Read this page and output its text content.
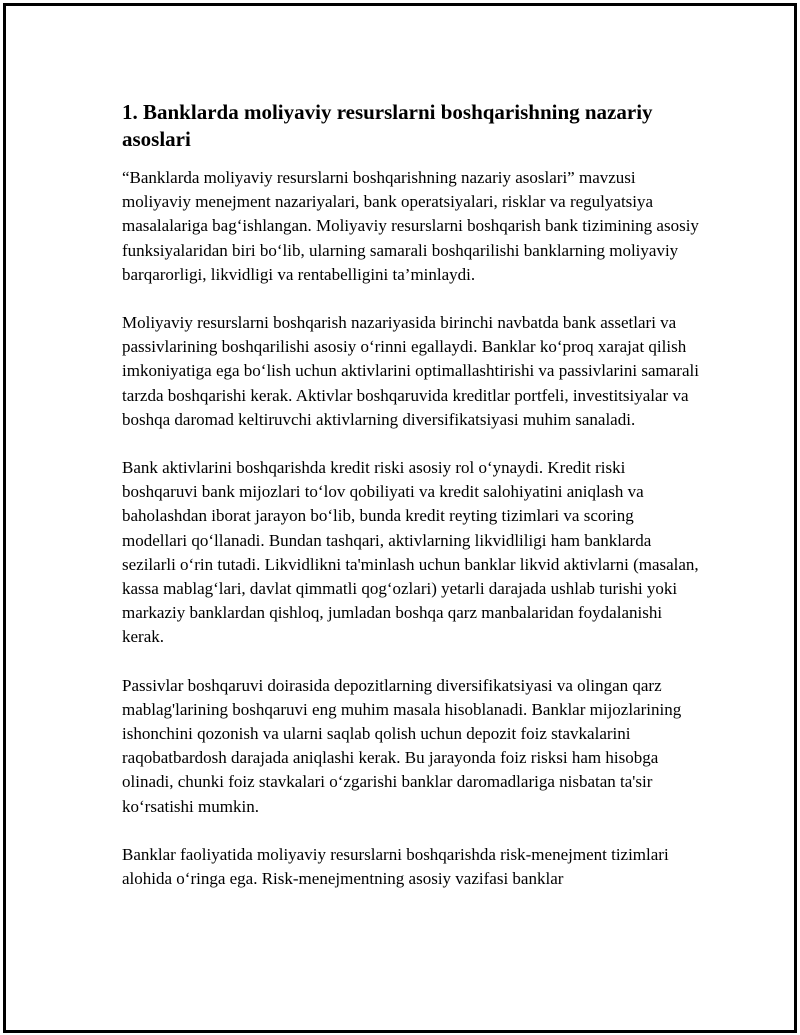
1. Banklarda moliyaviy resurslarni boshqarishning nazariy asoslari

“Banklarda moliyaviy resurslarni boshqarishning nazariy asoslari” mavzusi moliyaviy menejment nazariyalari, bank operatsiyalari, risklar va regulyatsiya masalalariga bag‘ishlangan. Moliyaviy resurslarni boshqarish bank tizimining asosiy funksiyalaridan biri bo‘lib, ularning samarali boshqarilishi banklarning moliyaviy barqarorligi, likvidligi va rentabelligini ta’minlaydi.

Moliyaviy resurslarni boshqarish nazariyasida birinchi navbatda bank assetlari va passivlarining boshqarilishi asosiy o‘rinni egallaydi. Banklar ko‘proq xarajat qilish imkoniyatiga ega bo‘lish uchun aktivlarini optimallashtirishi va passivlarini samarali tarzda boshqarishi kerak. Aktivlar boshqaruvida kreditlar portfeli, investitsiyalar va boshqa daromad keltiruvchi aktivlarning diversifikatsiyasi muhim sanaladi.

Bank aktivlarini boshqarishda kredit riski asosiy rol o‘ynaydi. Kredit riski boshqaruvi bank mijozlari to‘lov qobiliyati va kredit salohiyatini aniqlash va baholashdan iborat jarayon bo‘lib, bunda kredit reyting tizimlari va scoring modellari qo‘llanadi. Bundan tashqari, aktivlarning likvidliligi ham banklarda sezilarli o‘rin tutadi. Likvidlikni ta'minlash uchun banklar likvid aktivlarni (masalan, kassa mablag‘lari, davlat qimmatli qog‘ozlari) yetarli darajada ushlab turishi yoki markaziy banklardan qishloq, jumladan boshqa qarz manbalaridan foydalanishi kerak.

Passivlar boshqaruvi doirasida depozitlarning diversifikatsiyasi va olingan qarz mablag'larining boshqaruvi eng muhim masala hisoblanadi. Banklar mijozlarining ishonchini qozonish va ularni saqlab qolish uchun depozit foiz stavkalarini raqobatbardosh darajada aniqlashi kerak. Bu jarayonda foiz risksi ham hisobga olinadi, chunki foiz stavkalari o‘zgarishi banklar daromadlariga nisbatan ta'sir ko‘rsatishi mumkin.

Banklar faoliyatida moliyaviy resurslarni boshqarishda risk-menejment tizimlari alohida o‘ringa ega. Risk-menejmentning asosiy vazifasi banklar
